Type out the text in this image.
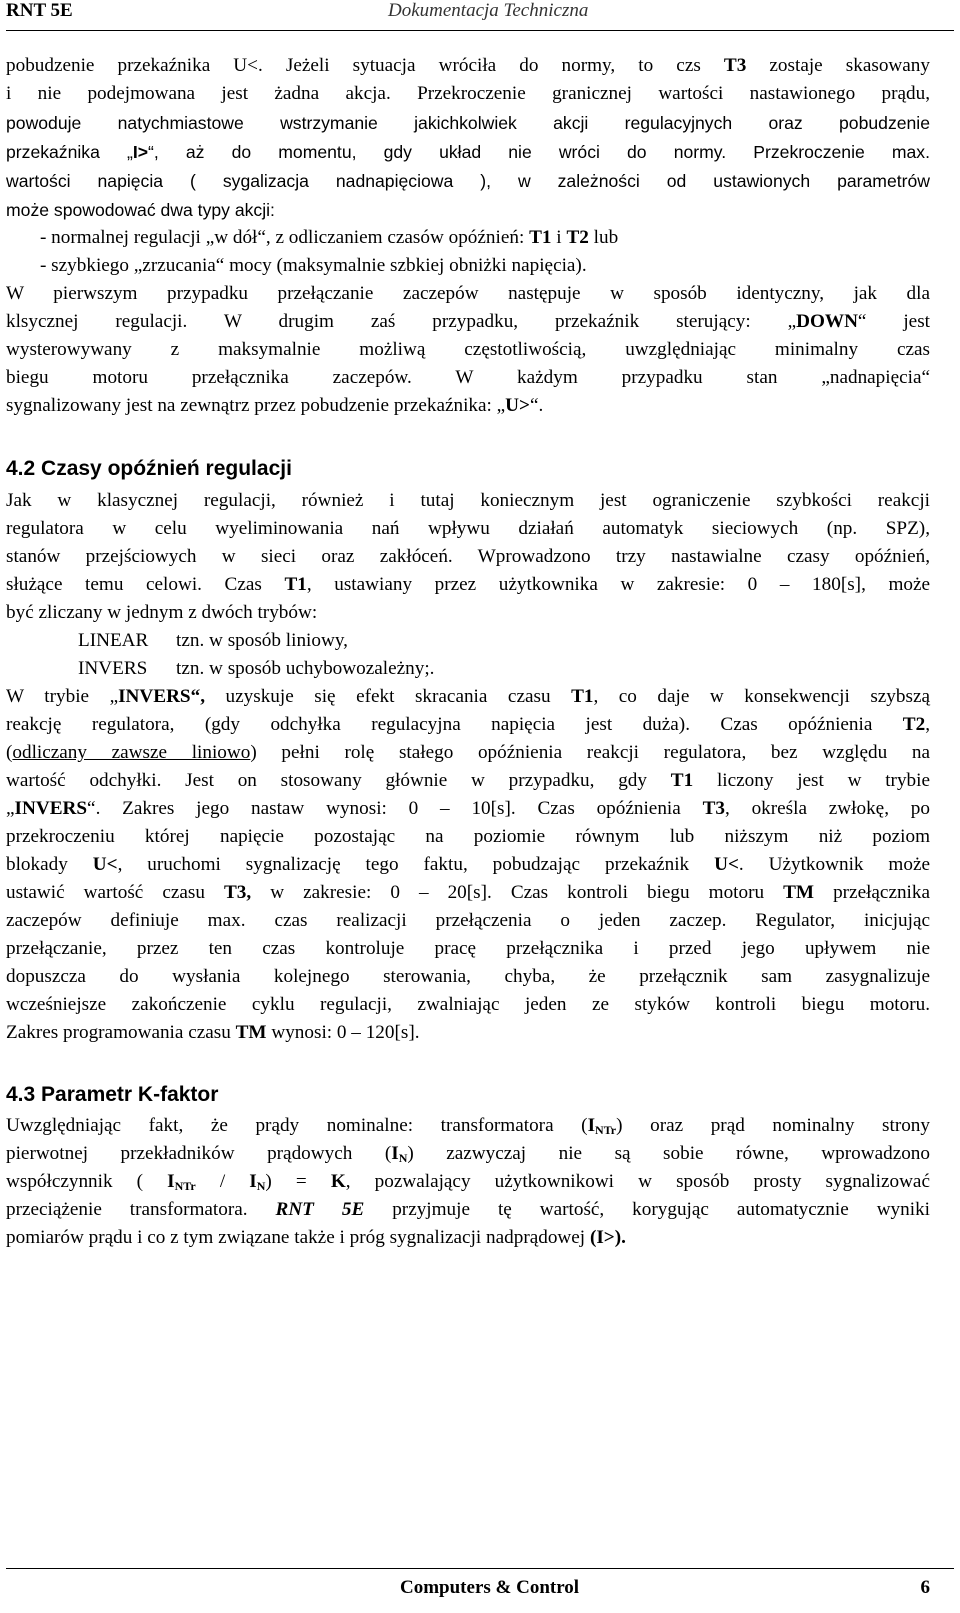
RNT 5E	Dokumentacja Techniczna
pobudzenie przekaźnika U<. Jeżeli sytuacja wróciła do normy, to czs T3 zostaje skasowany
i nie podejmowana jest żadna akcja. Przekroczenie granicznej wartości nastawionego prądu,
powoduje natychmiastowe wstrzymanie jakichkolwiek akcji regulacyjnych oraz pobudzenie
przekaźnika „I>“, aż do momentu, gdy układ nie wróci do normy. Przekroczenie max.
wartości napięcia ( sygalizacja nadnapięciowa ), w zależności od ustawionych parametrów
może spowodować dwa typy akcji:
- normalnej regulacji „w dół“, z odliczaniem czasów opóźnień: T1 i T2 lub
- szybkiego „zrzucania“ mocy (maksymalnie szbkiej obniżki napięcia).
W pierwszym przypadku przełączanie zaczepów następuje w sposób identyczny, jak dla
klsycznej regulacji. W drugim zaś przypadku, przekaźnik sterujący: „DOWN“ jest
wysterowywany z maksymalnie możliwą częstotliwością, uwzględniając minimalny czas
biegu motoru przełącznika zaczepów. W każdym przypadku stan „nadnapięcia“
sygnalizowany jest na zewnątrz przez pobudzenie przekaźnika: „U>“.
4.2 Czasy opóźnień regulacji
Jak w klasycznej regulacji, również i tutaj koniecznym jest ograniczenie szybkości reakcji
regulatora w celu wyeliminowania nań wpływu działań automatyk sieciowych (np. SPZ),
stanów przejściowych w sieci oraz zakłóceń. Wprowadzono trzy nastawialne czasy opóźnień,
służące temu celowi. Czas T1, ustawiany przez użytkownika w zakresie: 0 – 180[s], może
być zliczany w jednym z dwóch trybów:
LINEAR tzn. w sposób liniowy,
INVERS tzn. w sposób uchybowozależny;.
W trybie „INVERS“, uzyskuje się efekt skracania czasu T1, co daje w konsekwencji szybszą
reakcję regulatora, (gdy odchyłka regulacyjna napięcia jest duża). Czas opóźnienia T2,
(odliczany zawsze liniowo) pełni rolę stałego opóźnienia reakcji regulatora, bez względu na
wartość odchyłki. Jest on stosowany głównie w przypadku, gdy T1 liczony jest w trybie
„INVERS“. Zakres jego nastaw wynosi: 0 – 10[s]. Czas opóźnienia T3, określa zwłokę, po
przekroczeniu której napięcie pozostając na poziomie równym lub niższym niż poziom
blokady U<, uruchomi sygnalizację tego faktu, pobudzając przekaźnik U<. Użytkownik może
ustawić wartość czasu T3, w zakresie: 0 – 20[s]. Czas kontroli biegu motoru TM przełącznika
zaczepów definiuje max. czas realizacji przełączenia o jeden zaczep. Regulator, inicjując
przełączanie, przez ten czas kontroluje pracę przełącznika i przed jego upływem nie
dopuszcza do wysłania kolejnego sterowania, chyba, że przełącznik sam zasygnalizuje
wcześniejsze zakończenie cyklu regulacji, zwalniając jeden ze styków kontroli biegu motoru.
Zakres programowania czasu TM wynosi: 0 – 120[s].
4.3 Parametr K-faktor
Uwzględniając fakt, że prądy nominalne: transformatora $(I_{NTr})$ oraz prąd nominalny strony
pierwotnej przekładników prądowych $(I_N)$ zazwyczaj nie są sobie równe, wprowadzono
współczynnik ( $I_{NTr} / I_N) = K$, pozwalający użytkownikowi w sposób prosty sygnalizować
przeciążenie transformatora. RNT 5E przyjmuje tę wartość, korygując automatycznie wyniki
pomiarów prądu i co z tym związane także i próg sygnalizacji nadprądowej (I>).
Computers & Control	6
